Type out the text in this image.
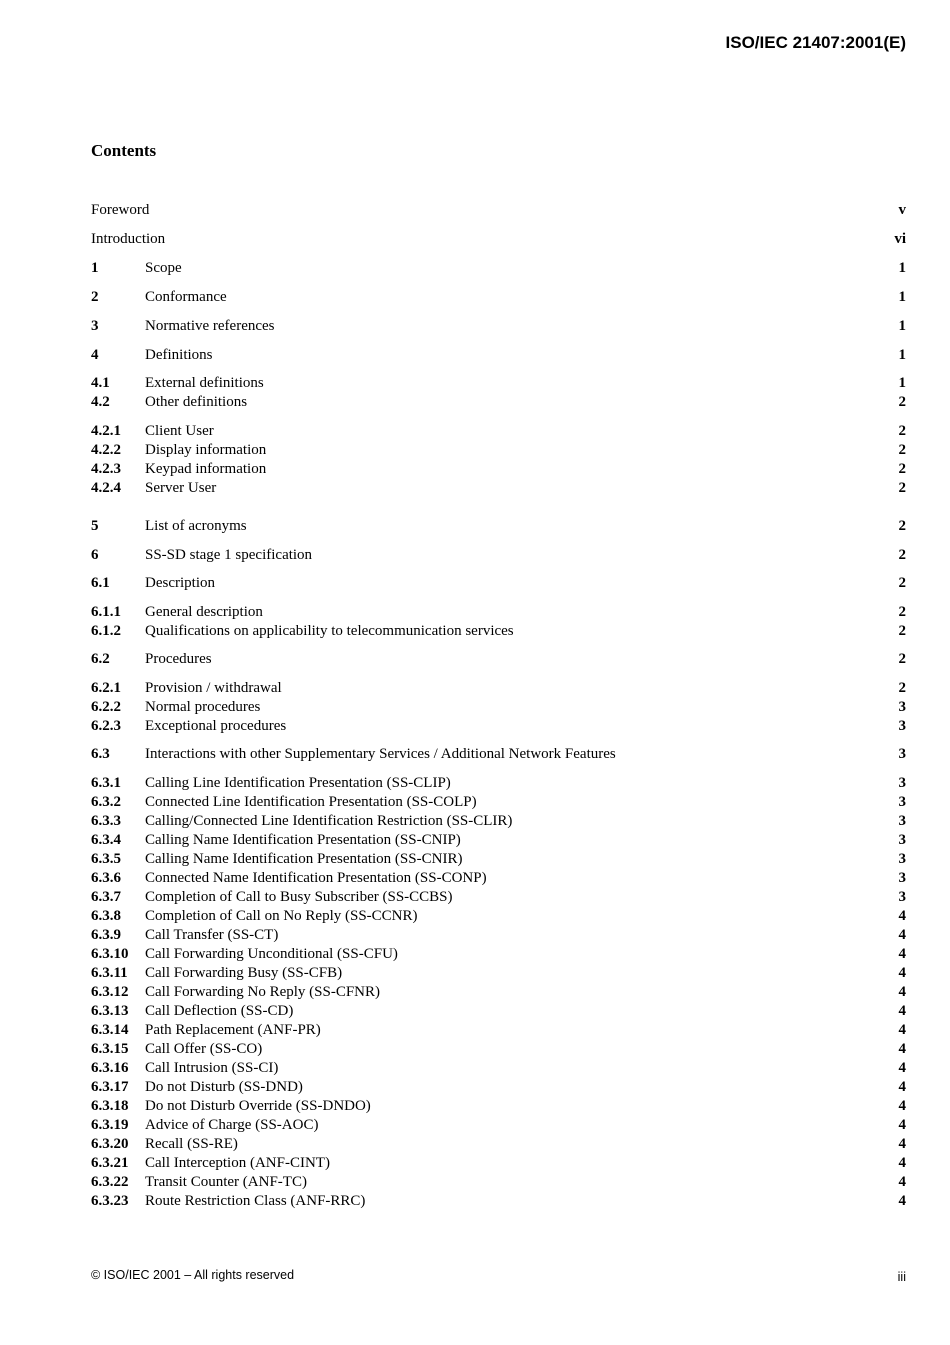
ISO/IEC 21407:2001(E)
Contents
Foreword	v
Introduction	vi
1	Scope	1
2	Conformance	1
3	Normative references	1
4	Definitions	1
4.1 External definitions	1
4.2 Other definitions	2
4.2.1 Client User	2
4.2.2 Display information	2
4.2.3 Keypad information	2
4.2.4 Server User	2
5	List of acronyms	2
6	SS-SD stage 1 specification	2
6.1 Description	2
6.1.1 General description	2
6.1.2 Qualifications on applicability to telecommunication services	2
6.2 Procedures	2
6.2.1 Provision / withdrawal	2
6.2.2 Normal procedures	3
6.2.3 Exceptional procedures	3
6.3 Interactions with other Supplementary Services / Additional Network Features	3
6.3.1 Calling Line Identification Presentation (SS-CLIP)	3
6.3.2 Connected Line Identification Presentation (SS-COLP)	3
6.3.3 Calling/Connected Line Identification Restriction (SS-CLIR)	3
6.3.4 Calling Name Identification Presentation (SS-CNIP)	3
6.3.5 Calling Name Identification Presentation (SS-CNIR)	3
6.3.6 Connected Name Identification Presentation (SS-CONP)	3
6.3.7 Completion of Call to Busy Subscriber (SS-CCBS)	3
6.3.8 Completion of Call on No Reply (SS-CCNR)	4
6.3.9 Call Transfer (SS-CT)	4
6.3.10 Call Forwarding Unconditional (SS-CFU)	4
6.3.11 Call Forwarding Busy (SS-CFB)	4
6.3.12 Call Forwarding No Reply (SS-CFNR)	4
6.3.13 Call Deflection (SS-CD)	4
6.3.14 Path Replacement (ANF-PR)	4
6.3.15 Call Offer (SS-CO)	4
6.3.16 Call Intrusion (SS-CI)	4
6.3.17 Do not Disturb (SS-DND)	4
6.3.18 Do not Disturb Override (SS-DNDO)	4
6.3.19 Advice of Charge (SS-AOC)	4
6.3.20 Recall (SS-RE)	4
6.3.21 Call Interception (ANF-CINT)	4
6.3.22 Transit Counter (ANF-TC)	4
6.3.23 Route Restriction Class (ANF-RRC)	4
© ISO/IEC 2001 – All rights reserved	iii
